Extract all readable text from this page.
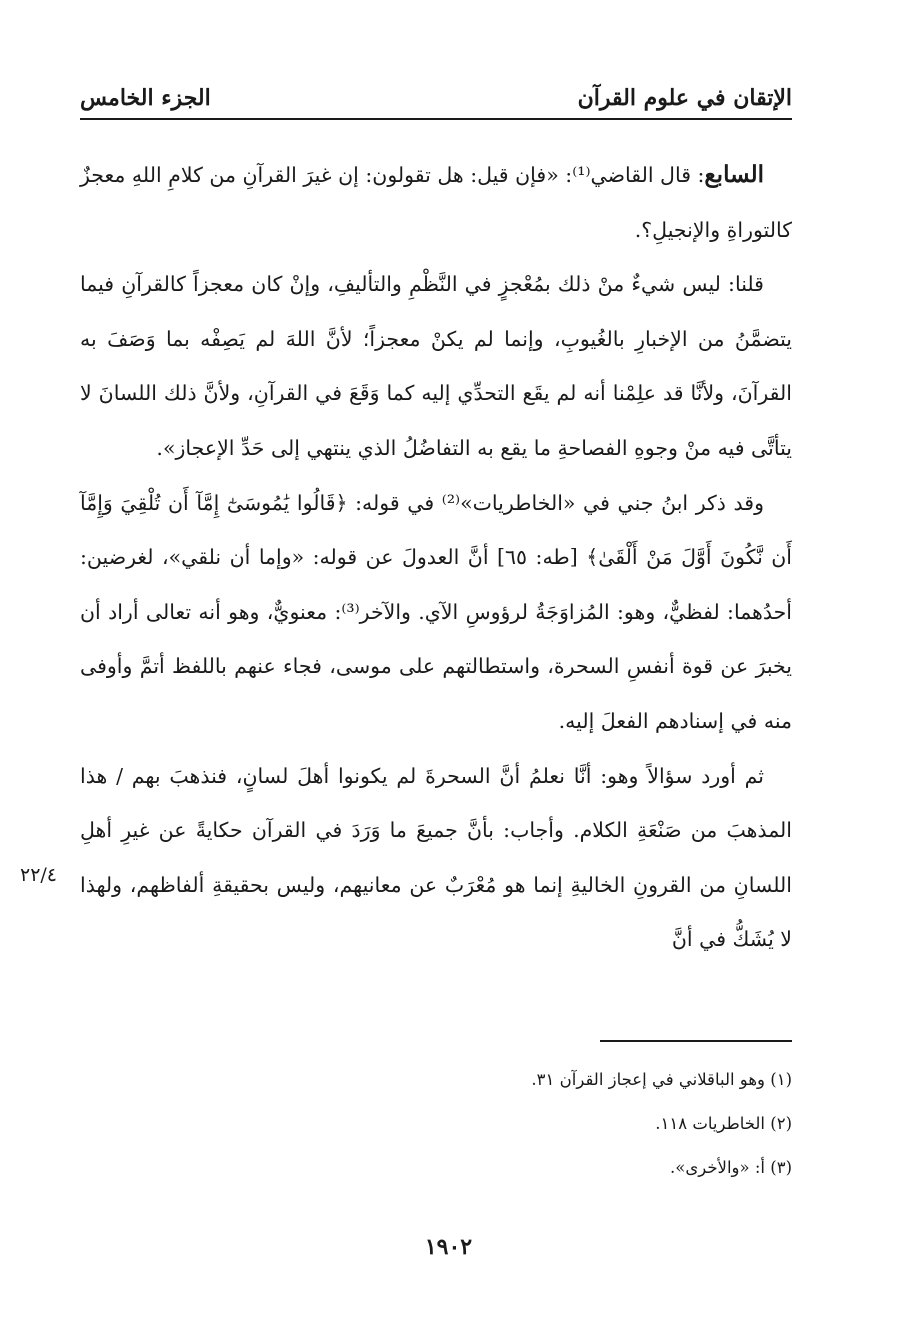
الإتقان في علوم القرآن
الجزء الخامس

السابع: قال القاضي⁽¹⁾: «فإن قيل: هل تقولون: إن غيرَ القرآنِ من كلامِ اللهِ معجزٌ كالتوراةِ والإنجيلِ؟.

قلنا: ليس شيءٌ منْ ذلك بمُعْجزٍ في النَّظْمِ والتأليفِ، وإنْ كان معجزاً كالقرآنِ فيما يتضمَّنُ من الإخبارِ بالغُيوبِ، وإنما لم يكنْ معجزاً؛ لأنَّ اللهَ لم يَصِفْه بما وَصَفَ به القرآنَ، ولأنَّا قد علِمْنا أنه لم يقَع التحدِّي إليه كما وَقَعَ في القرآنِ، ولأنَّ ذلك اللسانَ لا يتأتَّى فيه منْ وجوهِ الفصاحةِ ما يقع به التفاضُلُ الذي ينتهي إلى حَدِّ الإعجاز».

وقد ذكر ابنُ جني في «الخاطريات»⁽²⁾ في قوله: ﴿قَالُوا يَٰمُوسَىٰٓ إِمَّآ أَن تُلْقِيَ وَإِمَّآ أَن نَّكُونَ أَوَّلَ مَنْ أَلْقَىٰ﴾ [طه: ٦٥] أنَّ العدولَ عن قوله: «وإما أن نلقي»، لغرضين: أحدُهما: لفظيٌّ، وهو: المُزاوَجَةُ لرؤوسِ الآي. والآخر⁽³⁾: معنويٌّ، وهو أنه تعالى أراد أن يخبرَ عن قوة أنفسِ السحرة، واستطالتهم على موسى، فجاء عنهم باللفظ أتمَّ وأوفى منه في إسنادهم الفعلَ إليه.

ثم أورد سؤالاً وهو: أنَّا نعلمُ أنَّ السحرةَ لم يكونوا أهلَ لسانٍ، فنذهبَ بهم / هذا المذهبَ من صَنْعَةِ الكلام. وأجاب: بأنَّ جميعَ ما وَرَدَ في القرآن حكايةً عن غيرِ أهلِ اللسانِ من القرونِ الخاليةِ إنما هو مُعْرَبٌ عن معانيهم، وليس بحقيقةِ ألفاظهم، ولهذا لا يُشَكُّ في أنَّ

٢٢/٤
(١) وهو الباقلاني في إعجاز القرآن ٣١.
(٢) الخاطريات ١١٨.
(٣) أ: «والأخرى».
١٩٠٢
